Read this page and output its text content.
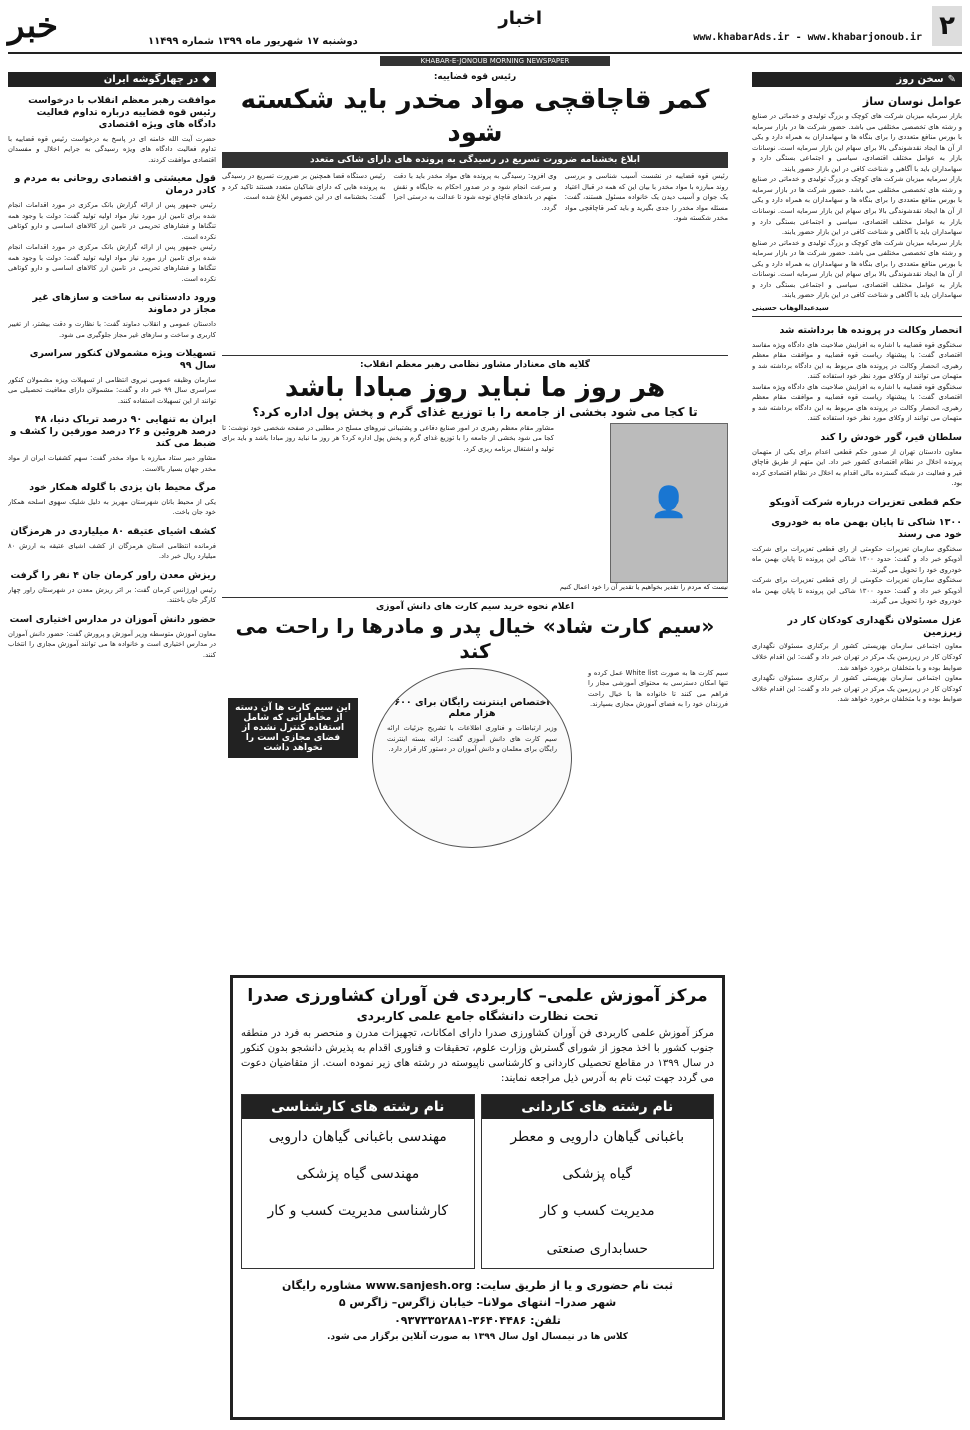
۲
اخبار
www.khabarAds.ir - www.khabarjonoub.ir
دوشنبه ۱۷ شهریور ماه ۱۳۹۹ شماره ۱۱۴۹۹
خبر
KHABAR-E-JONOUB MORNING NEWSPAPER
✎
سخن روز
عوامل نوسان ساز

بازار سرمایه میزبان شرکت های کوچک و بزرگ تولیدی و خدماتی در صنایع و رشته های تخصصی مختلفی می باشد. حضور شرکت ها در بازار سرمایه با بورس منافع متعددی را برای بنگاه ها و سهامداران به همراه دارد و یکی از آن ها ایجاد نقدشوندگی بالا برای سهام این بازار سرمایه است. نوسانات بازار به عوامل مختلف اقتصادی، سیاسی و اجتماعی بستگی دارد و سهامداران باید با آگاهی و شناخت کافی در این بازار حضور یابند.

بازار سرمایه میزبان شرکت های کوچک و بزرگ تولیدی و خدماتی در صنایع و رشته های تخصصی مختلفی می باشد. حضور شرکت ها در بازار سرمایه با بورس منافع متعددی را برای بنگاه ها و سهامداران به همراه دارد و یکی از آن ها ایجاد نقدشوندگی بالا برای سهام این بازار سرمایه است. نوسانات بازار به عوامل مختلف اقتصادی، سیاسی و اجتماعی بستگی دارد و سهامداران باید با آگاهی و شناخت کافی در این بازار حضور یابند.

بازار سرمایه میزبان شرکت های کوچک و بزرگ تولیدی و خدماتی در صنایع و رشته های تخصصی مختلفی می باشد. حضور شرکت ها در بازار سرمایه با بورس منافع متعددی را برای بنگاه ها و سهامداران به همراه دارد و یکی از آن ها ایجاد نقدشوندگی بالا برای سهام این بازار سرمایه است. نوسانات بازار به عوامل مختلف اقتصادی، سیاسی و اجتماعی بستگی دارد و سهامداران باید با آگاهی و شناخت کافی در این بازار حضور یابند.

سیدعبدالوهاب حسینی
انحصار وکالت در پرونده ها برداشته شد

سخنگوی قوه قضاییه با اشاره به افزایش صلاحیت های دادگاه ویژه مفاسد اقتصادی گفت: با پیشنهاد ریاست قوه قضاییه و موافقت مقام معظم رهبری، انحصار وکالت در پرونده های مربوط به این دادگاه برداشته شد و متهمان می توانند از وکلای مورد نظر خود استفاده کنند.

سخنگوی قوه قضاییه با اشاره به افزایش صلاحیت های دادگاه ویژه مفاسد اقتصادی گفت: با پیشنهاد ریاست قوه قضاییه و موافقت مقام معظم رهبری، انحصار وکالت در پرونده های مربوط به این دادگاه برداشته شد و متهمان می توانند از وکلای مورد نظر خود استفاده کنند.

سلطان قیر، گور خودش را کند

معاون دادستان تهران از صدور حکم قطعی اعدام برای یکی از متهمان پرونده اخلال در نظام اقتصادی کشور خبر داد. این متهم از طریق قاچاق قیر و فعالیت در شبکه گسترده مالی اقدام به اخلال در نظام اقتصادی کرده بود.

حکم قطعی تعزیرات درباره شرکت آذویکو
۱۳۰۰ شاکی تا پایان بهمن ماه به خودروی خود می رسند

سخنگوی سازمان تعزیرات حکومتی از رای قطعی تعزیرات برای شرکت آذویکو خبر داد و گفت: حدود ۱۳۰۰ شاکی این پرونده تا پایان بهمن ماه خودروی خود را تحویل می گیرند.

سخنگوی سازمان تعزیرات حکومتی از رای قطعی تعزیرات برای شرکت آذویکو خبر داد و گفت: حدود ۱۳۰۰ شاکی این پرونده تا پایان بهمن ماه خودروی خود را تحویل می گیرند.

عزل مسئولان نگهداری کودکان کار در زیرزمین

معاون اجتماعی سازمان بهزیستی کشور از برکناری مسئولان نگهداری کودکان کار در زیرزمین یک مرکز در تهران خبر داد و گفت: این اقدام خلاف ضوابط بوده و با متخلفان برخورد خواهد شد.

معاون اجتماعی سازمان بهزیستی کشور از برکناری مسئولان نگهداری کودکان کار در زیرزمین یک مرکز در تهران خبر داد و گفت: این اقدام خلاف ضوابط بوده و با متخلفان برخورد خواهد شد.

◆
در چهارگوشه ایران
موافقت رهبر معظم انقلاب با درخواست رئیس قوه قضاییه درباره تداوم فعالیت دادگاه های ویژه اقتصادی

حضرت آیت الله خامنه ای در پاسخ به درخواست رئیس قوه قضاییه با تداوم فعالیت دادگاه های ویژه رسیدگی به جرایم اخلال و مفسدان اقتصادی موافقت کردند.

قول معیشتی و اقتصادی روحانی به مردم و کادر درمان

رئیس جمهور پس از ارائه گزارش بانک مرکزی در مورد اقدامات انجام شده برای تامین ارز مورد نیاز مواد اولیه تولید گفت: دولت با وجود همه تنگناها و فشارهای تحریمی در تامین ارز کالاهای اساسی و دارو کوتاهی نکرده است.

رئیس جمهور پس از ارائه گزارش بانک مرکزی در مورد اقدامات انجام شده برای تامین ارز مورد نیاز مواد اولیه تولید گفت: دولت با وجود همه تنگناها و فشارهای تحریمی در تامین ارز کالاهای اساسی و دارو کوتاهی نکرده است.

ورود دادستانی به ساخت و سازهای غیر مجاز در دماوند

دادستان عمومی و انقلاب دماوند گفت: با نظارت و دقت بیشتر، از تغییر کاربری و ساخت و سازهای غیر مجاز جلوگیری می شود.

تسهیلات ویژه مشمولان کنکور سراسری سال ۹۹

سازمان وظیفه عمومی نیروی انتظامی از تسهیلات ویژه مشمولان کنکور سراسری سال ۹۹ خبر داد و گفت: مشمولان دارای معافیت تحصیلی می توانند از این تسهیلات استفاده کنند.

ایران به تنهایی ۹۰ درصد تریاک دنیا، ۴۸ درصد هروئین و ۲۶ درصد مورفین را کشف و ضبط می کند

مشاور دبیر ستاد مبارزه با مواد مخدر گفت: سهم کشفیات ایران از مواد مخدر جهان بسیار بالاست.

مرگ محیط بان یزدی با گلوله همکار خود

یکی از محیط بانان شهرستان مهریز به دلیل شلیک سهوی اسلحه همکار خود جان باخت.

کشف اشیای عتیقه ۸۰ میلیاردی در هرمزگان

فرمانده انتظامی استان هرمزگان از کشف اشیای عتیقه به ارزش ۸۰ میلیارد ریال خبر داد.

ریزش معدن راور کرمان جان ۴ نفر را گرفت

رئیس اورژانس کرمان گفت: بر اثر ریزش معدن در شهرستان راور چهار کارگر جان باختند.

حضور دانش آموزان در مدارس اختیاری است

معاون آموزش متوسطه وزیر آموزش و پرورش گفت: حضور دانش آموزان در مدارس اختیاری است و خانواده ها می توانند آموزش مجازی را انتخاب کنند.

رئیس قوه قضاییه:
کمر قاچاقچی مواد مخدر باید شکسته شود
ابلاغ بخشنامه ضرورت تسریع در رسیدگی به پرونده های دارای شاکی متعدد

رئیس قوه قضاییه در نشست آسیب شناسی و بررسی روند مبارزه با مواد مخدر با بیان این که همه در قبال اعتیاد یک جوان و آسیب دیدن یک خانواده مسئول هستند، گفت: مسئله مواد مخدر را جدی بگیرید و باید کمر قاچاقچی مواد مخدر شکسته شود.

وی افزود: رسیدگی به پرونده های مواد مخدر باید با دقت و سرعت انجام شود و در صدور احکام به جایگاه و نقش متهم در باندهای قاچاق توجه شود تا عدالت به درستی اجرا گردد.

رئیس دستگاه قضا همچنین بر ضرورت تسریع در رسیدگی به پرونده هایی که دارای شاکیان متعدد هستند تاکید کرد و گفت: بخشنامه ای در این خصوص ابلاغ شده است.

گلایه های معنادار مشاور نظامی رهبر معظم انقلاب:
هر روز ما نباید روز مبادا باشد
تا کجا می شود بخشی از جامعه را با توزیع غذای گرم و پخش پول اداره کرد؟
👤
نیست که مردم را تقدیر بخواهیم یا تقدیر آن را خود اعمال کنیم

مشاور مقام معظم رهبری در امور صنایع دفاعی و پشتیبانی نیروهای مسلح در مطلبی در صفحه شخصی خود نوشت: تا کجا می شود بخشی از جامعه را با توزیع غذای گرم و پخش پول اداره کرد؟ هر روز ما نباید روز مبادا باشد و باید برای تولید و اشتغال برنامه ریزی کرد.

اعلام نحوه خرید سیم کارت های دانش آموزی
«سیم کارت شاد» خیال پدر و مادرها را راحت می کند
اختصاص اینترنت رایگان برای ۶۰۰ هزار معلم

وزیر ارتباطات و فناوری اطلاعات با تشریح جزئیات ارائه سیم کارت های دانش آموزی گفت: ارائه بسته اینترنت رایگان برای معلمان و دانش آموزان در دستور کار قرار دارد.

این سیم کارت ها آن دسته از مخاطراتی که شامل استفاده کنترل نشده از فضای مجازی است را نخواهد داشت

سیم کارت ها به صورت White list عمل کرده و تنها امکان دسترسی به محتوای آموزشی مجاز را فراهم می کنند تا خانواده ها با خیال راحت فرزندان خود را به فضای آموزش مجازی بسپارند.

مرکز آموزش علمی– کاربردی فن آوران کشاورزی صدرا
تحت نظارت دانشگاه جامع علمی کاربردی
مرکز آموزش علمی کاربردی فن آوران کشاورزی صدرا دارای امکانات، تجهیزات مدرن و منحصر به فرد در منطقه جنوب کشور با اخذ مجوز از شورای گسترش وزارت علوم، تحقیقات و فناوری اقدام به پذیرش دانشجو بدون کنکور در سال ۱۳۹۹ در مقاطع تحصیلی کاردانی و کارشناسی ناپیوسته در رشته های زیر نموده است. از متقاضیان دعوت می گردد جهت ثبت نام به آدرس ذیل مراجعه نمایند:
نام رشته های کاردانی
باغبانی گیاهان دارویی و معطر
گیاه پزشکی
مدیریت کسب و کار
حسابداری صنعتی
نام رشته های کارشناسی
مهندسی باغبانی گیاهان دارویی
مهندسی گیاه پزشکی
کارشناسی مدیریت کسب و کار
ثبت نام حضوری و یا از طریق سایت: www.sanjesh.org مشاوره رایگان
شهر صدرا– انتهای مولانا– خیابان زاگرس– زاگرس ۵
تلفن: ۳۶۴۰۴۴۸۶-۰۹۳۷۳۳۵۲۸۸۱
کلاس ها در نیمسال اول سال ۱۳۹۹ به صورت آنلاین برگزار می شود.
